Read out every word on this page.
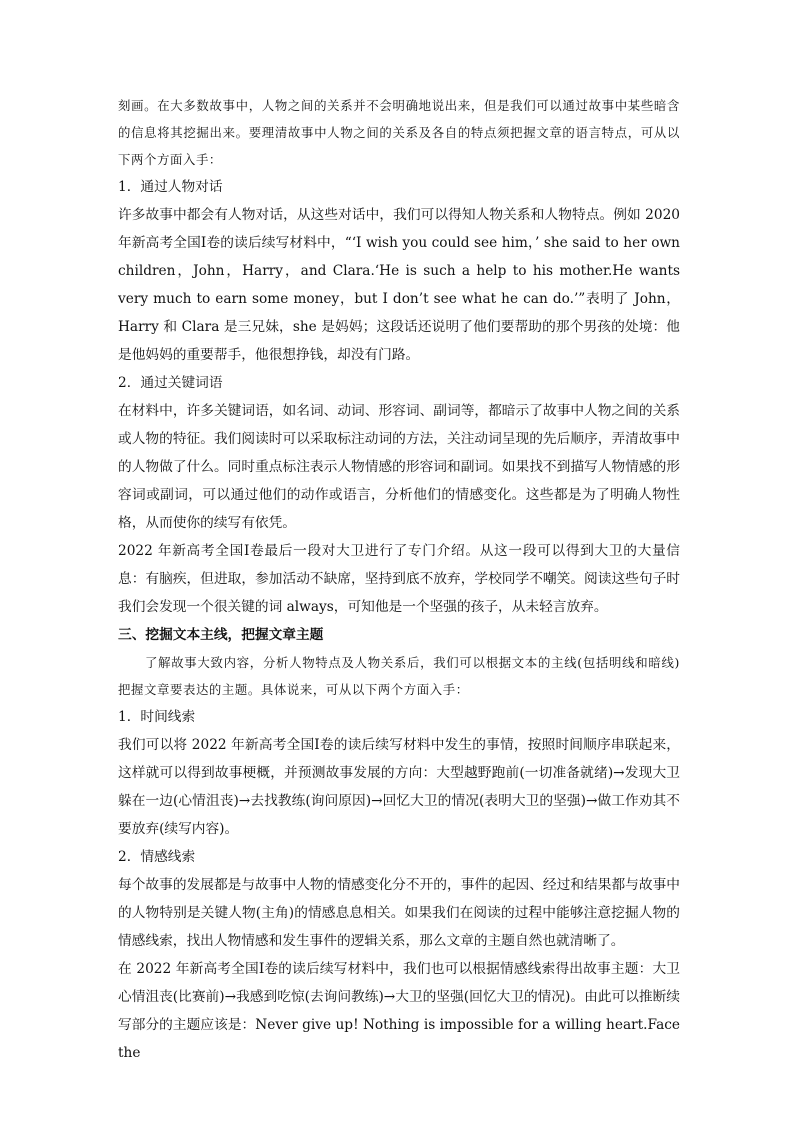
刻画。在大多数故事中，人物之间的关系并不会明确地说出来，但是我们可以通过故事中某些暗含的信息将其挖掘出来。要理清故事中人物之间的关系及各自的特点须把握文章的语言特点，可从以下两个方面入手：

1．通过人物对话

许多故事中都会有人物对话，从这些对话中，我们可以得知人物关系和人物特点。例如 2020 年新高考全国Ⅰ卷的读后续写材料中，“‘I wish you could see him，’ she said to her own children，John，Harry，and Clara.‘He is such a help to his mother.He wants very much to earn some money，but I don’t see what he can do.’”表明了 John，Harry 和 Clara 是三兄妹，she 是妈妈；这段话还说明了他们要帮助的那个男孩的处境：他是他妈妈的重要帮手，他很想挣钱，却没有门路。

2．通过关键词语

在材料中，许多关键词语，如名词、动词、形容词、副词等，都暗示了故事中人物之间的关系或人物的特征。我们阅读时可以采取标注动词的方法，关注动词呈现的先后顺序，弄清故事中的人物做了什么。同时重点标注表示人物情感的形容词和副词。如果找不到描写人物情感的形容词或副词，可以通过他们的动作或语言，分析他们的情感变化。这些都是为了明确人物性格，从而使你的续写有依凭。

2022 年新高考全国Ⅰ卷最后一段对大卫进行了专门介绍。从这一段可以得到大卫的大量信息：有脑疾，但进取，参加活动不缺席，坚持到底不放弃，学校同学不嘲笑。阅读这些句子时我们会发现一个很关键的词 always，可知他是一个坚强的孩子，从未轻言放弃。

三、挖掘文本主线，把握文章主题

了解故事大致内容，分析人物特点及人物关系后，我们可以根据文本的主线(包括明线和暗线)把握文章要表达的主题。具体说来，可从以下两个方面入手：

1．时间线索

我们可以将 2022 年新高考全国Ⅰ卷的读后续写材料中发生的事情，按照时间顺序串联起来，这样就可以得到故事梗概，并预测故事发展的方向：大型越野跑前(一切准备就绪)→发现大卫躲在一边(心情沮丧)→去找教练(询问原因)→回忆大卫的情况(表明大卫的坚强)→做工作劝其不要放弃(续写内容)。

2．情感线索

每个故事的发展都是与故事中人物的情感变化分不开的，事件的起因、经过和结果都与故事中的人物特别是关键人物(主角)的情感息息相关。如果我们在阅读的过程中能够注意挖掘人物的情感线索，找出人物情感和发生事件的逻辑关系，那么文章的主题自然也就清晰了。

在 2022 年新高考全国Ⅰ卷的读后续写材料中，我们也可以根据情感线索得出故事主题：大卫心情沮丧(比赛前)→我感到吃惊(去询问教练)→大卫的坚强(回忆大卫的情况)。由此可以推断续写部分的主题应该是：Never give up! Nothing is impossible for a willing heart.Face the
